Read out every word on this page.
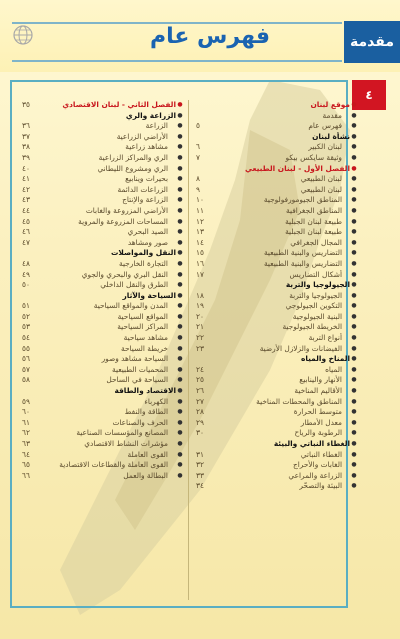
فهرس عام	مقدمة
٤
●
موقع لبنان
●
مقدمة
●
فهرس عام
٥
●
نشأة لبنان
●
لبنان الكبير
٦
●
وثيقة سايكس بيكو
٧
●
الفصل الأول - لبنان الطبيعي
●
لبنان الطبيعي
٨
●
لبنان الطبيعي
٩
●
المناطق الجيومورفولوجية
١٠
●
المناطق الجغرافية
١١
●
طبيعة لبنان الجبلية
١٢
●
طبيعة لبنان الجبلية
١٣
●
المجال الجغرافي
١٤
●
التضاريس والبنية الطبيعية
١٥
●
التضاريس والبنية الطبيعية
١٦
●
أشكال التضاريس
١٧
●
الجيولوجيا والتربة
●
الجيولوجيا والتربة
١٨
●
التكوين الجيولوجي
١٩
●
البنية الجيولوجية
٢٠
●
الخريطة الجيولوجية
٢١
●
أنواع التربة
٢٢
●
الفيضانات والزلازل الأرضية
٢٣
●
المناخ والمياه
●
المياه
٢٤
●
الأنهار والينابيع
٢٥
●
الأقاليم المناخية
٢٦
●
المناطق والمحطات المناخية
٢٧
●
متوسط الحرارة
٢٨
●
معدل الأمطار
٢٩
●
الرطوبة والرياح
٣٠
●
الغطاء النباتي والبيئة
●
الغطاء النباتي
٣١
●
الغابات والأحراج
٣٢
●
الزراعة والمراعي
٣٣
●
البيئة والتصحّر
٣٤
●
الفصل الثاني - لبنان الاقتصادي
٣٥
●
الزراعة والري
●
الزراعة
٣٦
●
الأراضي الزراعية
٣٧
●
مشاهد زراعية
٣٨
●
الري والمراكز الزراعية
٣٩
●
الري ومشروع الليطاني
٤٠
●
بحيرات وينابيع
٤١
●
الزراعات الدائمة
٤٢
●
الزراعة والإنتاج
٤٣
●
الأراضي المزروعة والغابات
٤٤
●
المساحات المزروعة والمروية
٤٥
●
الصيد البحري
٤٦
●
صور ومشاهد
٤٧
●
النقل والمواصلات
●
التجارة الخارجية
٤٨
●
النقل البري والبحري والجوي
٤٩
●
الطرق والنقل الداخلي
٥٠
●
السياحة والآثار
●
المدن والمواقع السياحية
٥١
●
المواقع السياحية
٥٢
●
المراكز السياحية
٥٣
●
مشاهد سياحية
٥٤
●
خريطة السياحة
٥٥
●
السياحة مشاهد وصور
٥٦
●
المحميات الطبيعية
٥٧
●
السياحة في الساحل
٥٨
●
الاقتصاد والطاقة
●
الكهرباء
٥٩
●
الطاقة والنفط
٦٠
●
الحرف والصناعات
٦١
●
المصانع والمؤسسات الصناعية
٦٢
●
مؤشرات النشاط الاقتصادي
٦٣
●
القوى العاملة
٦٤
●
القوى العاملة والقطاعات الاقتصادية
٦٥
●
البطالة والعمل
٦٦
